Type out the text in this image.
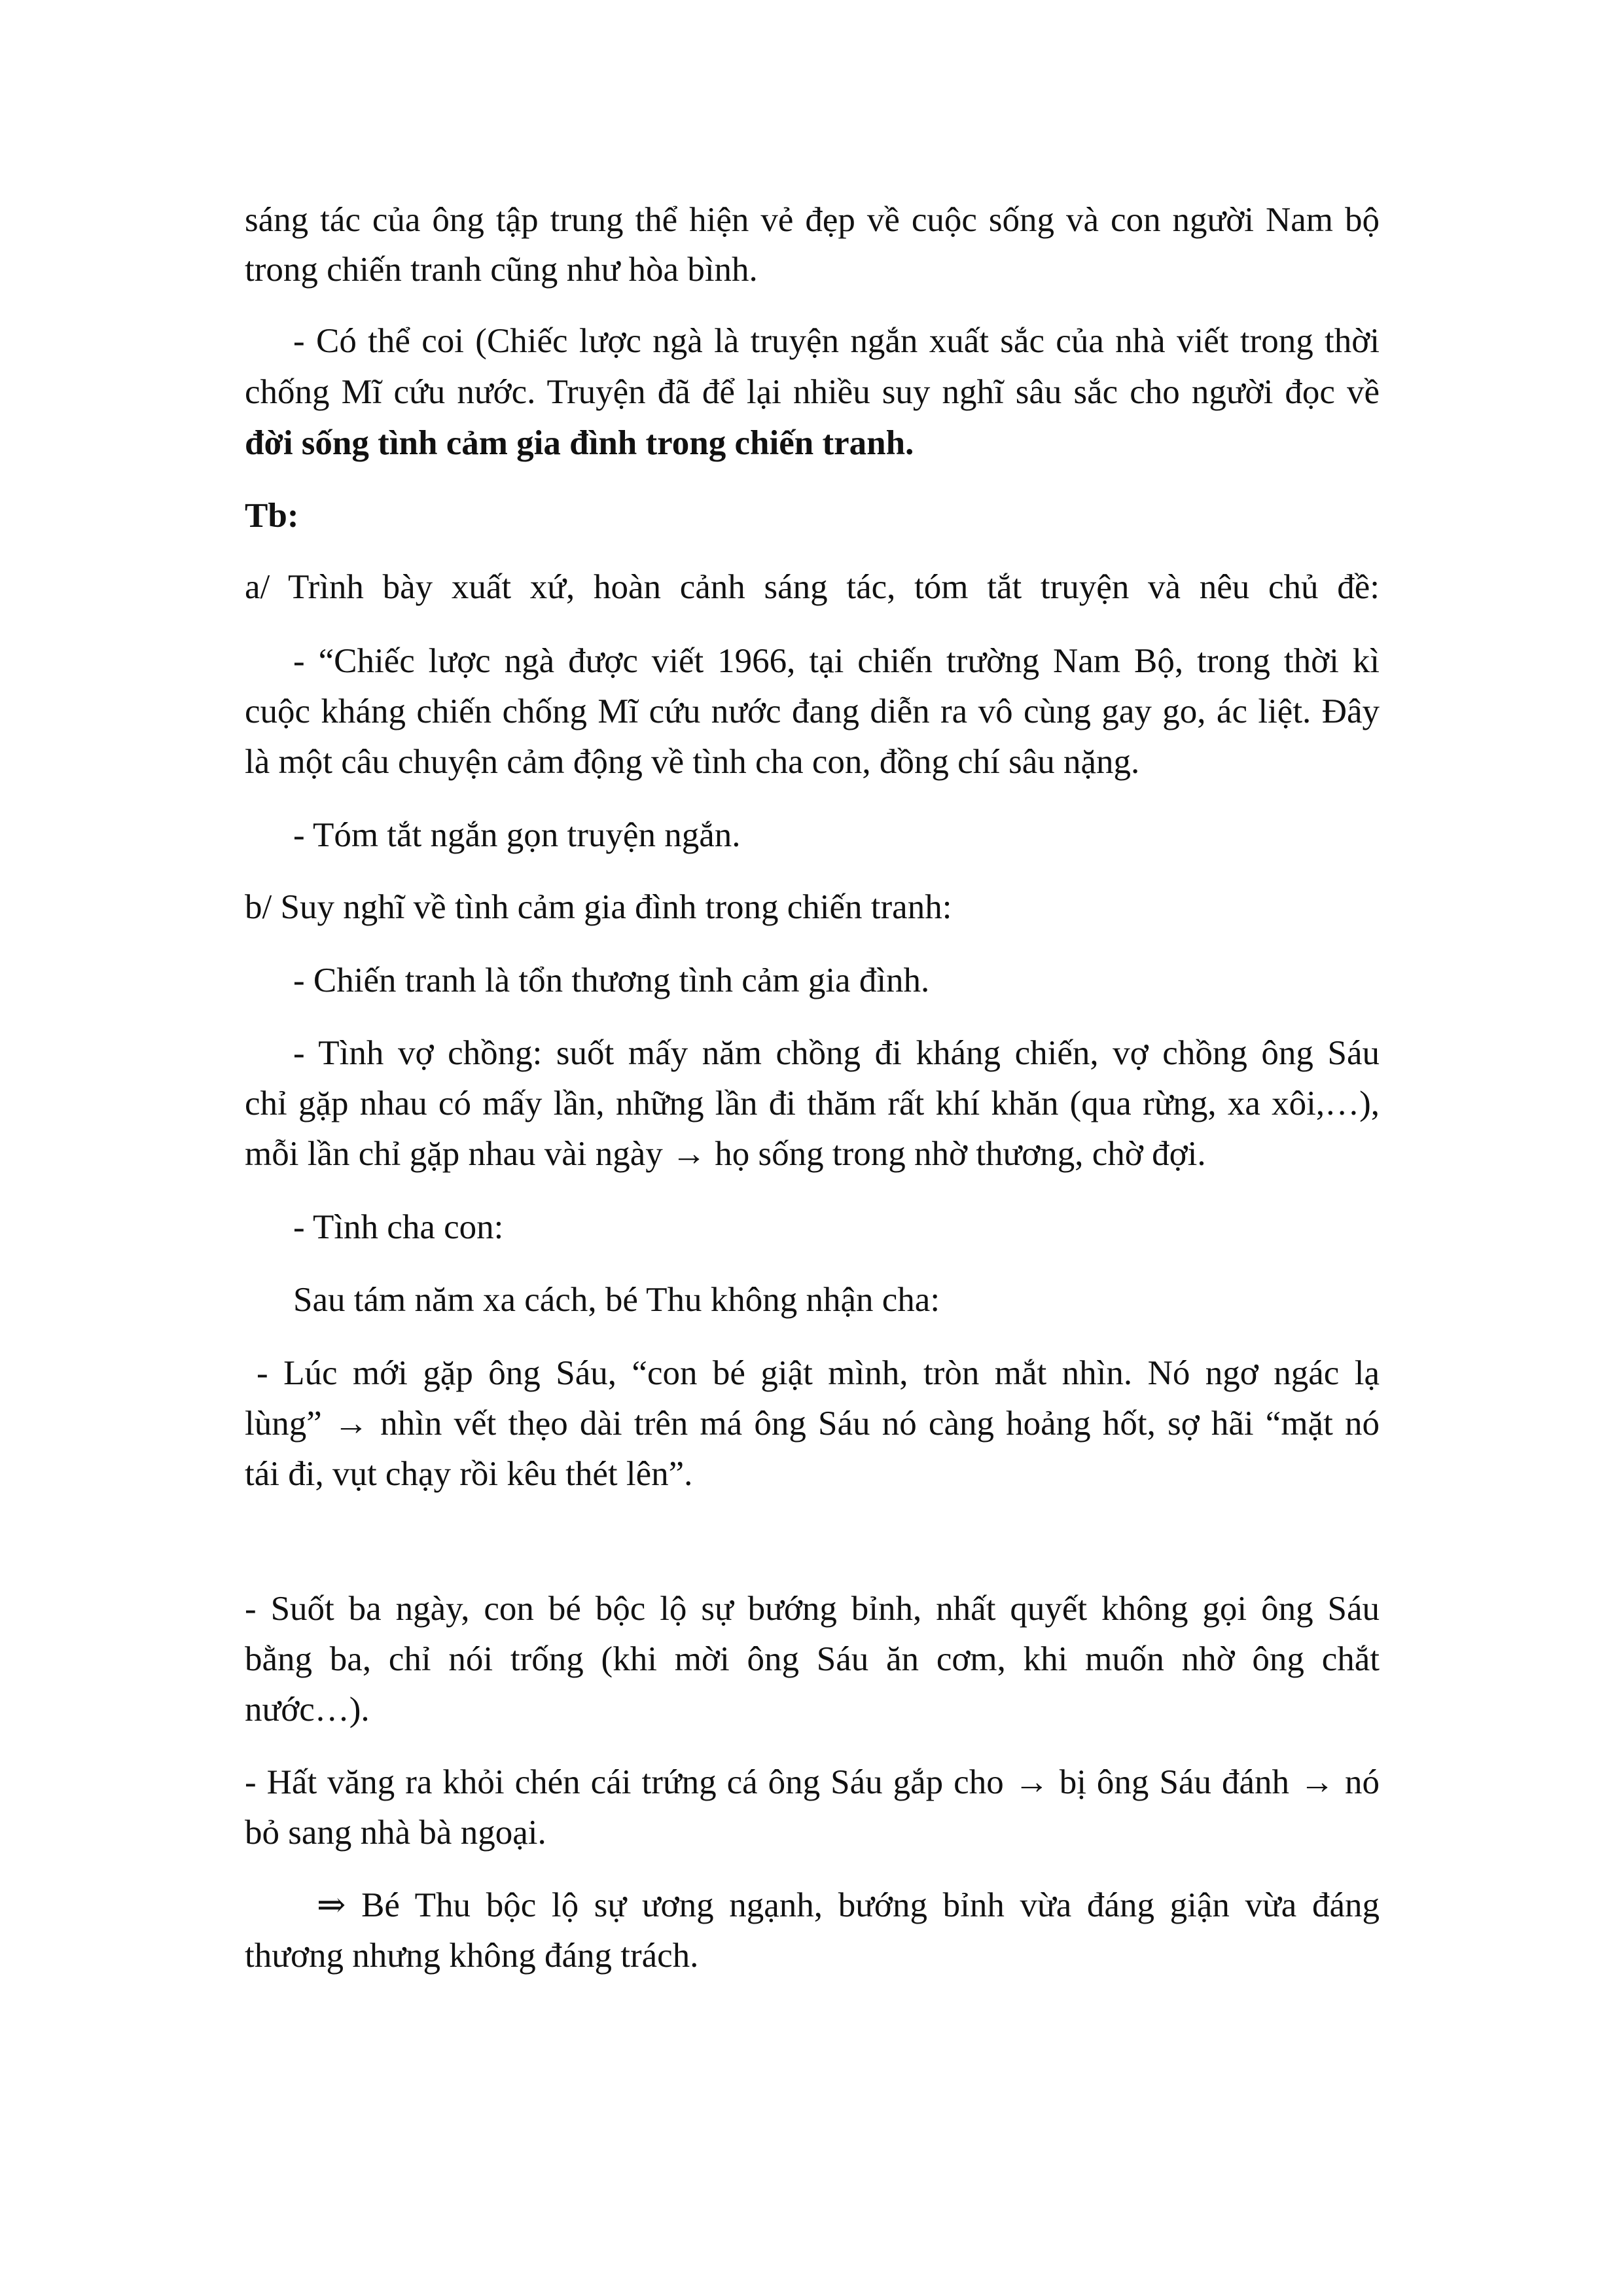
sáng tác của ông tập trung thể hiện vẻ đẹp về cuộc sống và con người Nam bộ
trong chiến tranh cũng như hòa bình.
- Có thể coi (Chiếc lược ngà là truyện ngắn xuất sắc của nhà viết trong thời
chống Mĩ cứu nước. Truyện đã để lại nhiều suy nghĩ sâu sắc cho người đọc về
đời sống tình cảm gia đình trong chiến tranh.
Tb:
a/ Trình bày xuất xứ, hoàn cảnh sáng tác, tóm tắt truyện và nêu chủ đề:
- “Chiếc lược ngà được viết 1966, tại chiến trường Nam Bộ, trong thời kì
cuộc kháng chiến chống Mĩ cứu nước đang diễn ra vô cùng gay go, ác liệt. Đây
là một câu chuyện cảm động về tình cha con, đồng chí sâu nặng.
- Tóm tắt ngắn gọn truyện ngắn.
b/ Suy nghĩ về tình cảm gia đình trong chiến tranh:
- Chiến tranh là tổn thương tình cảm gia đình.
- Tình vợ chồng: suốt mấy năm chồng đi kháng chiến, vợ chồng ông Sáu
chỉ gặp nhau có mấy lần, những lần đi thăm rất khí khăn (qua rừng, xa xôi,…),
mỗi lần chỉ gặp nhau vài ngày → họ sống trong nhờ thương, chờ đợi.
- Tình cha con:
Sau tám năm xa cách, bé Thu không nhận cha:
- Lúc mới gặp ông Sáu, “con bé giật mình, tròn mắt nhìn. Nó ngơ ngác lạ
lùng” → nhìn vết thẹo dài trên má ông Sáu nó càng hoảng hốt, sợ hãi “mặt nó
tái đi, vụt chạy rồi kêu thét lên”.
- Suốt ba ngày, con bé bộc lộ sự bướng bỉnh, nhất quyết không gọi ông Sáu
bằng ba, chỉ nói trống (khi mời ông Sáu ăn cơm, khi muốn nhờ ông chắt
nước…).
- Hất văng ra khỏi chén cái trứng cá ông Sáu gắp cho → bị ông Sáu đánh → nó
bỏ sang nhà bà ngoại.
⇒ Bé Thu bộc lộ sự ương ngạnh, bướng bỉnh vừa đáng giận vừa đáng
thương nhưng không đáng trách.
